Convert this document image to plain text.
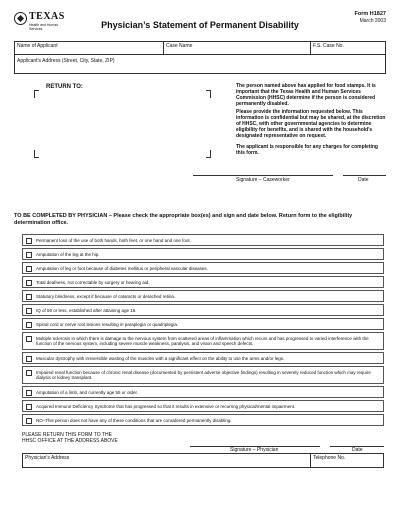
TEXAS
Health and Human Services	Physician’s Statement of Permanent Disability
Form H1827
March 2003
Name of Applicant	Case Name	F.S. Case No.
Applicant's Address (Street, City, State, ZIP)
RETURN TO:	The person named above has applied for food stamps. It is important that the Texas Health and Human Services Commission (HHSC) determine if the person is considered permanently disabled.
Please provide the information requested below. This information is confidential but may be shared, at the discretion of HHSC, with other governmental agencies to determine eligibility for benefits, and is shared with the household's designated representative on request.
The applicant is responsible for any charges for completing this form.
Signature – Caseworker	Date
TO BE COMPLETED BY PHYSICIAN – Please check the appropriate box(es) and sign and date below. Return form to the eligibility determination office.
Permanent loss of the use of both hands, both feet, or one hand and one foot.
Amputation of the leg at the hip.
Amputation of leg or foot because of diabetes mellitus or peripheral vascular diseases.
Total deafness, not correctable by surgery or hearing aid.
Statutory blindness, except if because of cataracts or detached retina.
IQ of 59 or less, established after attaining age 16.
Spinal cord or nerve root lesions resulting in paraplegia or quadriplegia.
Multiple sclerosis in which there is damage to the nervous system from scattered areas of inflammation which recurs and has progressed to varied interference with the function of the nervous system, including severe muscle weakness, paralysis, and vision and speech defects.
Muscular dystrophy with irreversible wasting of the muscles with a significant effect on the ability to use the arms and/or legs.
Impaired renal function because of chronic renal disease (documented by persistent adverse objective findings) resulting in severely reduced function which may require dialysis or kidney transplant.
Amputation of a limb, and currently age 55 or older.
Acquired Immune Deficiency Syndrome that has progressed so that it results in extensive or recurring physical/mental impairment.
NO–This person does not have any of these conditions that are considered permanently disabling.
PLEASE RETURN THIS FORM TO THE
HHSC OFFICE AT THE ADDRESS ABOVE
Signature – Physician	Date
Physician's Address	Telephone No.
